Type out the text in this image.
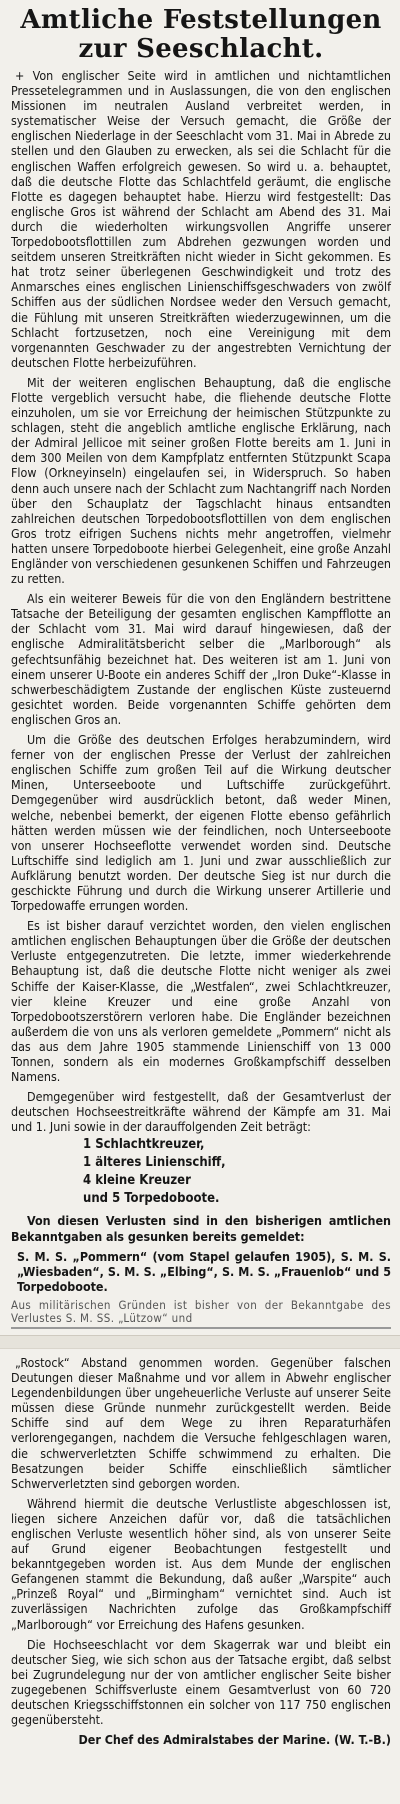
Amtliche Feststellungen zur Seeschlacht.

+ Von englischer Seite wird in amtlichen und nichtamtlichen Pressetelegrammen und in Auslassungen, die von den englischen Missionen im neutralen Ausland verbreitet werden, in systematischer Weise der Versuch gemacht, die Größe der englischen Niederlage in der Seeschlacht vom 31. Mai in Abrede zu stellen und den Glauben zu erwecken, als sei die Schlacht für die englischen Waffen erfolgreich gewesen. So wird u. a. behauptet, daß die deutsche Flotte das Schlachtfeld geräumt, die englische Flotte es dagegen behauptet habe. Hierzu wird festgestellt: Das englische Gros ist während der Schlacht am Abend des 31. Mai durch die wiederholten wirkungsvollen Angriffe unserer Torpedobootsflottillen zum Abdrehen gezwungen worden und seitdem unseren Streitkräften nicht wieder in Sicht gekommen. Es hat trotz seiner überlegenen Geschwindigkeit und trotz des Anmarsches eines englischen Linienschiffsgeschwaders von zwölf Schiffen aus der südlichen Nordsee weder den Versuch gemacht, die Fühlung mit unseren Streitkräften wiederzugewinnen, um die Schlacht fortzusetzen, noch eine Vereinigung mit dem vorgenannten Geschwader zu der angestrebten Vernichtung der deutschen Flotte herbeizuführen.

Mit der weiteren englischen Behauptung, daß die englische Flotte vergeblich versucht habe, die fliehende deutsche Flotte einzuholen, um sie vor Erreichung der heimischen Stützpunkte zu schlagen, steht die angeblich amtliche englische Erklärung, nach der Admiral Jellicoe mit seiner großen Flotte bereits am 1. Juni in dem 300 Meilen von dem Kampfplatz entfernten Stützpunkt Scapa Flow (Orkneyinseln) eingelaufen sei, in Widerspruch. So haben denn auch unsere nach der Schlacht zum Nachtangriff nach Norden über den Schauplatz der Tagschlacht hinaus entsandten zahlreichen deutschen Torpedobootsflottillen von dem englischen Gros trotz eifrigen Suchens nichts mehr angetroffen, vielmehr hatten unsere Torpedoboote hierbei Gelegenheit, eine große Anzahl Engländer von verschiedenen gesunkenen Schiffen und Fahrzeugen zu retten.

Als ein weiterer Beweis für die von den Engländern bestrittene Tatsache der Beteiligung der gesamten englischen Kampfflotte an der Schlacht vom 31. Mai wird darauf hingewiesen, daß der englische Admiralitätsbericht selber die „Marlborough“ als gefechtsunfähig bezeichnet hat. Des weiteren ist am 1. Juni von einem unserer U-Boote ein anderes Schiff der „Iron Duke“-Klasse in schwerbeschädigtem Zustande der englischen Küste zusteuernd gesichtet worden. Beide vorgenannten Schiffe gehörten dem englischen Gros an.

Um die Größe des deutschen Erfolges herabzumindern, wird ferner von der englischen Presse der Verlust der zahlreichen englischen Schiffe zum großen Teil auf die Wirkung deutscher Minen, Unterseeboote und Luftschiffe zurückgeführt. Demgegenüber wird ausdrücklich betont, daß weder Minen, welche, nebenbei bemerkt, der eigenen Flotte ebenso gefährlich hätten werden müssen wie der feindlichen, noch Unterseeboote von unserer Hochseeflotte verwendet worden sind. Deutsche Luftschiffe sind lediglich am 1. Juni und zwar ausschließlich zur Aufklärung benutzt worden. Der deutsche Sieg ist nur durch die geschickte Führung und durch die Wirkung unserer Artillerie und Torpedowaffe errungen worden.

Es ist bisher darauf verzichtet worden, den vielen englischen amtlichen englischen Behauptungen über die Größe der deutschen Verluste entgegenzutreten. Die letzte, immer wiederkehrende Behauptung ist, daß die deutsche Flotte nicht weniger als zwei Schiffe der Kaiser-Klasse, die „Westfalen“, zwei Schlachtkreuzer, vier kleine Kreuzer und eine große Anzahl von Torpedobootszerstörern verloren habe. Die Engländer bezeichnen außerdem die von uns als verloren gemeldete „Pommern“ nicht als das aus dem Jahre 1905 stammende Linienschiff von 13 000 Tonnen, sondern als ein modernes Großkampfschiff desselben Namens.

Demgegenüber wird festgestellt, daß der Gesamtverlust der deutschen Hochseestreitkräfte während der Kämpfe am 31. Mai und 1. Juni sowie in der darauffolgenden Zeit beträgt:

1 Schlachtkreuzer,
1 älteres Linienschiff,
4 kleine Kreuzer
und 5 Torpedoboote.

Von diesen Verlusten sind in den bisherigen amtlichen Bekanntgaben als gesunken bereits gemeldet:

S. M. S. „Pommern“ (vom Stapel gelaufen 1905), S. M. S. „Wiesbaden“, S. M. S. „Elbing“, S. M. S. „Frauenlob“ und 5 Torpedoboote.

Aus militärischen Gründen ist bisher von der Bekanntgabe des Verlustes S. M. SS. „Lützow“ und

„Rostock“ Abstand genommen worden. Gegenüber falschen Deutungen dieser Maßnahme und vor allem in Abwehr englischer Legendenbildungen über ungeheuerliche Verluste auf unserer Seite müssen diese Gründe nunmehr zurückgestellt werden. Beide Schiffe sind auf dem Wege zu ihren Reparaturhäfen verlorengegangen, nachdem die Versuche fehlgeschlagen waren, die schwerverletzten Schiffe schwimmend zu erhalten. Die Besatzungen beider Schiffe einschließlich sämtlicher Schwerverletzten sind geborgen worden.

Während hiermit die deutsche Verlustliste abgeschlossen ist, liegen sichere Anzeichen dafür vor, daß die tatsächlichen englischen Verluste wesentlich höher sind, als von unserer Seite auf Grund eigener Beobachtungen festgestellt und bekanntgegeben worden ist. Aus dem Munde der englischen Gefangenen stammt die Bekundung, daß außer „Warspite“ auch „Prinzeß Royal“ und „Birmingham“ vernichtet sind. Auch ist zuverlässigen Nachrichten zufolge das Großkampfschiff „Marlborough“ vor Erreichung des Hafens gesunken.

Die Hochseeschlacht vor dem Skagerrak war und bleibt ein deutscher Sieg, wie sich schon aus der Tatsache ergibt, daß selbst bei Zugrundelegung nur der von amtlicher englischer Seite bisher zugegebenen Schiffsverluste einem Gesamtverlust von 60 720 deutschen Kriegsschiffstonnen ein solcher von 117 750 englischen gegenübersteht.

Der Chef des Admiralstabes der Marine. (W. T.-B.)
